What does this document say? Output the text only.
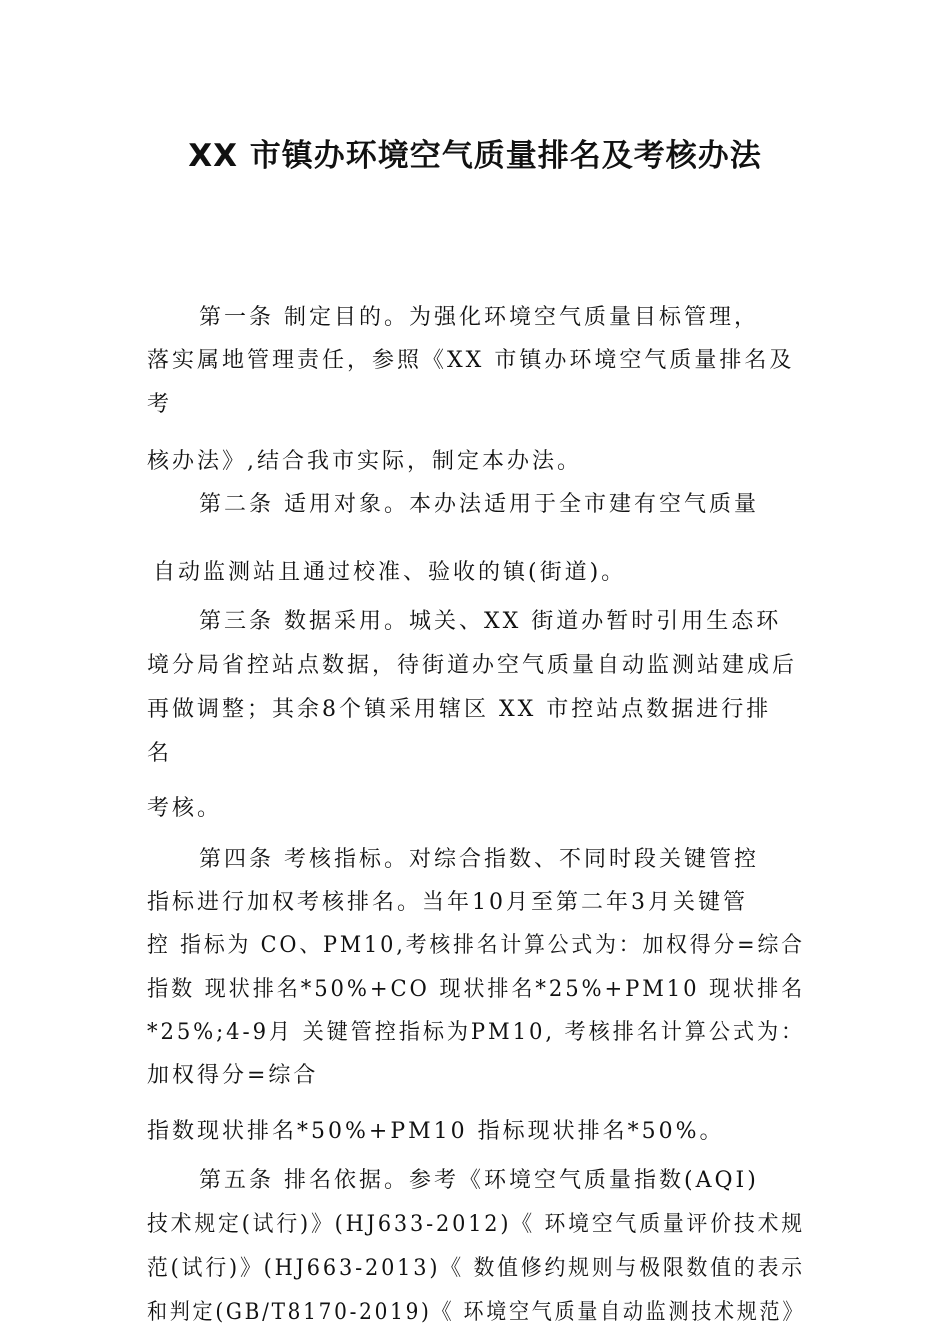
XX 市镇办环境空气质量排名及考核办法

第一条 制定目的。为强化环境空气质量目标管理，

落实属地管理责任，参照《XX 市镇办环境空气质量排名及

考

核办法》,结合我市实际，制定本办法。

第二条 适用对象。本办法适用于全市建有空气质量

自动监测站且通过校准、验收的镇(街道)。

第三条 数据采用。城关、XX 街道办暂时引用生态环

境分局省控站点数据，待街道办空气质量自动监测站建成后

再做调整；其余8个镇采用辖区 XX 市控站点数据进行排

名

考核。

第四条 考核指标。对综合指数、不同时段关键管控

指标进行加权考核排名。当年10月至第二年3月关键管

控 指标为 CO、PM10,考核排名计算公式为：加权得分=综合

指数 现状排名*50%+CO 现状排名*25%+PM10 现状排名

*25%;4-9月 关键管控指标为PM10, 考核排名计算公式为：

加权得分=综合

指数现状排名*50%+PM10 指标现状排名*50%。

第五条 排名依据。参考《环境空气质量指数(AQI)

技术规定(试行)》(HJ633-2012)《 环境空气质量评价技术规

范(试行)》(HJ663-2013)《 数值修约规则与极限数值的表示

和判定(GB/T8170-2019)《 环境空气质量自动监测技术规范》
